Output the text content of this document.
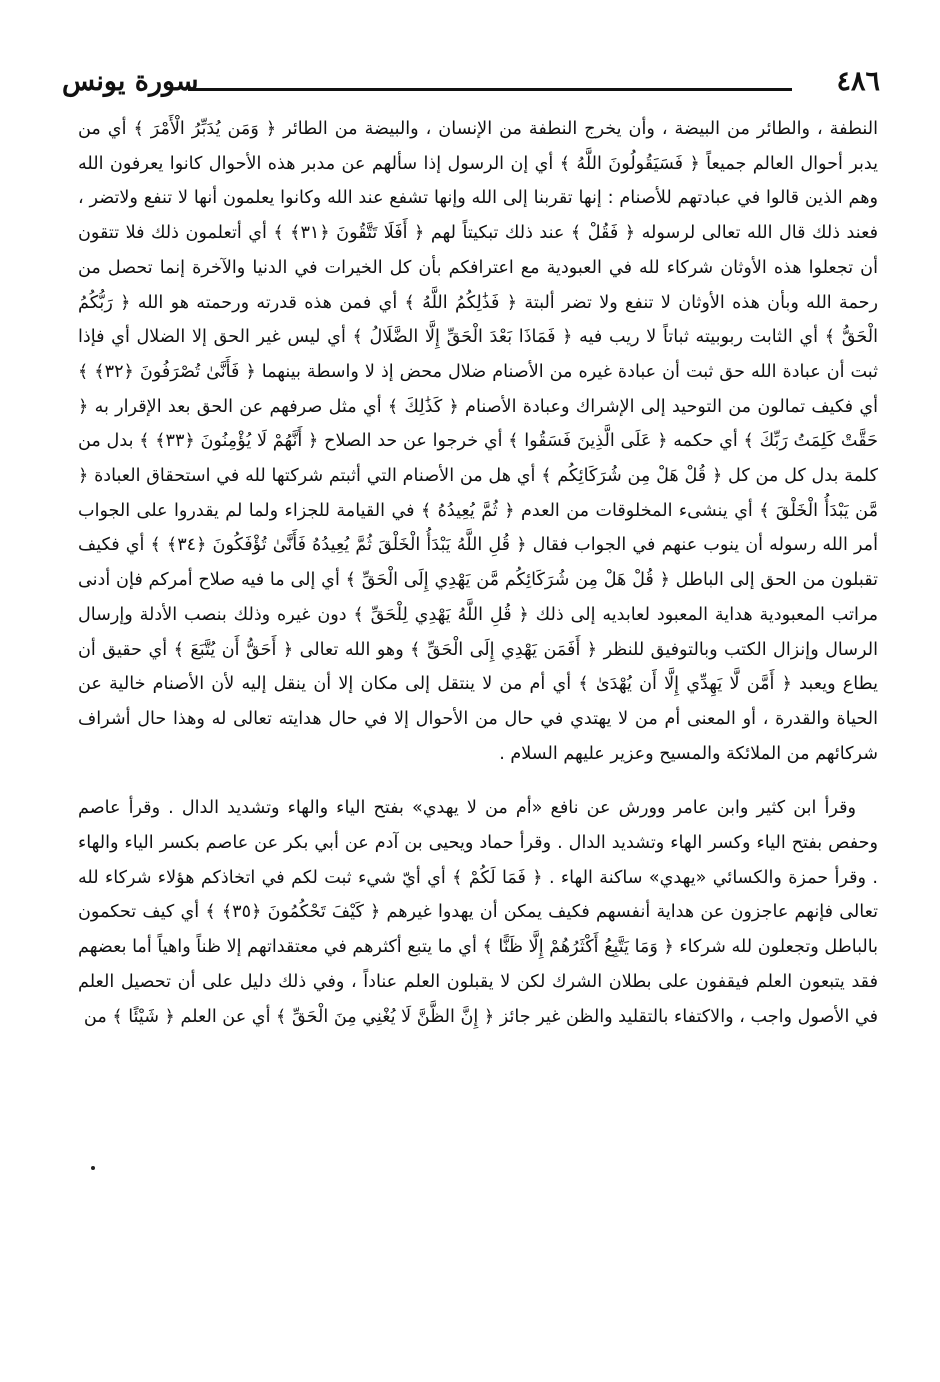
٤٨٦
سورة يونس

النطفة ، والطائر من البيضة ، وأن يخرج النطفة من الإنسان ، والبيضة من الطائر ﴿ وَمَن يُدَبِّرُ الْأَمْرَ ﴾ أي من يدبر أحوال العالم جميعاً ﴿ فَسَيَقُولُونَ اللَّهُ ﴾ أي إن الرسول إذا سألهم عن مدبر هذه الأحوال كانوا يعرفون الله وهم الذين قالوا في عبادتهم للأصنام : إنها تقربنا إلى الله وإنها تشفع عند الله وكانوا يعلمون أنها لا تنفع ولاتضر ، فعند ذلك قال الله تعالى لرسوله ﴿ فَقُلْ ﴾ عند ذلك تبكيتاً لهم ﴿ أَفَلَا تَتَّقُونَ ﴿٣١﴾ ﴾ أي أتعلمون ذلك فلا تتقون أن تجعلوا هذه الأوثان شركاء لله في العبودية مع اعترافكم بأن كل الخيرات في الدنيا والآخرة إنما تحصل من رحمة الله وبأن هذه الأوثان لا تنفع ولا تضر ألبتة ﴿ فَذَٰلِكُمُ اللَّهُ ﴾ أي فمن هذه قدرته ورحمته هو الله ﴿ رَبُّكُمُ الْحَقُّ ﴾ أي الثابت ربوبيته ثباتاً لا ريب فيه ﴿ فَمَاذَا بَعْدَ الْحَقِّ إِلَّا الضَّلَالُ ﴾ أي ليس غير الحق إلا الضلال أي فإذا ثبت أن عبادة الله حق ثبت أن عبادة غيره من الأصنام ضلال محض إذ لا واسطة بينهما ﴿ فَأَنَّىٰ تُصْرَفُونَ ﴿٣٢﴾ ﴾ أي فكيف تمالون من التوحيد إلى الإشراك وعبادة الأصنام ﴿ كَذَٰلِكَ ﴾ أي مثل صرفهم عن الحق بعد الإقرار به ﴿ حَقَّتْ كَلِمَتُ رَبِّكَ ﴾ أي حكمه ﴿ عَلَى الَّذِينَ فَسَقُوا ﴾ أي خرجوا عن حد الصلاح ﴿ أَنَّهُمْ لَا يُؤْمِنُونَ ﴿٣٣﴾ ﴾ بدل من كلمة بدل كل من كل ﴿ قُلْ هَلْ مِن شُرَكَائِكُم ﴾ أي هل من الأصنام التي أثبتم شركتها لله في استحقاق العبادة ﴿ مَّن يَبْدَأُ الْخَلْقَ ﴾ أي ينشىء المخلوقات من العدم ﴿ ثُمَّ يُعِيدُهُ ﴾ في القيامة للجزاء ولما لم يقدروا على الجواب أمر الله رسوله أن ينوب عنهم في الجواب فقال ﴿ قُلِ اللَّهُ يَبْدَأُ الْخَلْقَ ثُمَّ يُعِيدُهُ فَأَنَّىٰ تُؤْفَكُونَ ﴿٣٤﴾ ﴾ أي فكيف تقبلون من الحق إلى الباطل ﴿ قُلْ هَلْ مِن شُرَكَائِكُم مَّن يَهْدِي إِلَى الْحَقِّ ﴾ أي إلى ما فيه صلاح أمركم فإن أدنى مراتب المعبودية هداية المعبود لعابديه إلى ذلك ﴿ قُلِ اللَّهُ يَهْدِي لِلْحَقِّ ﴾ دون غيره وذلك بنصب الأدلة وإرسال الرسال وإنزال الكتب وبالتوفيق للنظر ﴿ أَفَمَن يَهْدِي إِلَى الْحَقِّ ﴾ وهو الله تعالى ﴿ أَحَقُّ أَن يُتَّبَعَ ﴾ أي حقيق أن يطاع ويعبد ﴿ أَمَّن لَّا يَهِدِّي إِلَّا أَن يُهْدَىٰ ﴾ أي أم من لا ينتقل إلى مكان إلا أن ينقل إليه لأن الأصنام خالية عن الحياة والقدرة ، أو المعنى أم من لا يهتدي في حال من الأحوال إلا في حال هدايته تعالى له وهذا حال أشراف شركائهم من الملائكة والمسيح وعزير عليهم السلام .

وقرأ ابن كثير وابن عامر وورش عن نافع «أم من لا يهدي» بفتح الياء والهاء وتشديد الدال . وقرأ عاصم وحفص بفتح الياء وكسر الهاء وتشديد الدال . وقرأ حماد ويحيى بن آدم عن أبي بكر عن عاصم بكسر الياء والهاء . وقرأ حمزة والكسائي «يهدي» ساكنة الهاء . ﴿ فَمَا لَكُمْ ﴾ أي أيّ شيء ثبت لكم في اتخاذكم هؤلاء شركاء لله تعالى فإنهم عاجزون عن هداية أنفسهم فكيف يمكن أن يهدوا غيرهم ﴿ كَيْفَ تَحْكُمُونَ ﴿٣٥﴾ ﴾ أي كيف تحكمون بالباطل وتجعلون لله شركاء ﴿ وَمَا يَتَّبِعُ أَكْثَرُهُمْ إِلَّا ظَنًّا ﴾ أي ما يتبع أكثرهم في معتقداتهم إلا ظناً واهياً أما بعضهم فقد يتبعون العلم فيقفون على بطلان الشرك لكن لا يقبلون العلم عناداً ، وفي ذلك دليل على أن تحصيل العلم في الأصول واجب ، والاكتفاء بالتقليد والظن غير جائز ﴿ إِنَّ الظَّنَّ لَا يُغْنِي مِنَ الْحَقِّ ﴾ أي عن العلم ﴿ شَيْئًا ﴾ من
